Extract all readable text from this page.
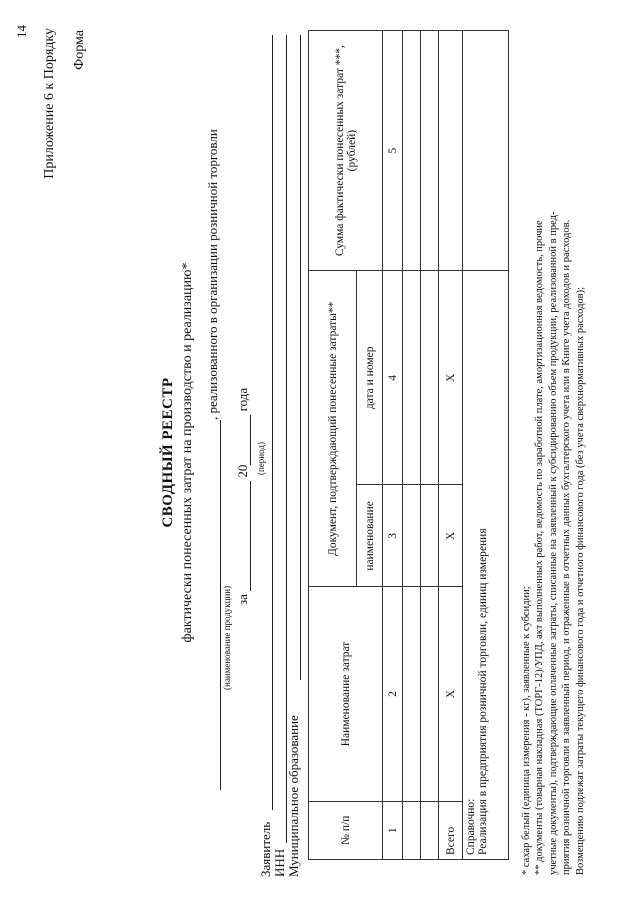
14 Приложение 6 к Порядку Форма
СВОДНЫЙ РЕЕСТР фактически понесенных затрат на производство и реализацию* , реализованного в организации розничной торговли
(наименование продукции) за  20 года
(период)
Заявитель ИНН Муниципальное образование	№ п/п	Наименование затрат	Документ, подтверждающий понесенные затраты**		Сумма фактически понесенных затрат ***, (рублей)
		наименование	дата и номер	
1	2	3	4	5

Всего	X	X	X	

Справочно: Реализация в предприятия розничной торговли, единиц измерения				
		* сахар белый (единица измерения - кг), заявленные к субсидии; ** документы (товарная накладная (ТОРГ-12)/УПД, акт выполненных работ, ведомость по заработной плате, амортизационная ведомость, прочие учетные документы), подтверждающие оплаченные затраты, списанные на заявленный к субсидированию объем продукции, реализованной в пред- приятия розничной торговли в заявленный период, и отраженные в отчетных данных бухгалтерского учета или в Книге учета доходов и расходов. Возмещению подлежат затраты текущего финансового года и отчетного финансового года (без учета сверхнормативных расходов);
